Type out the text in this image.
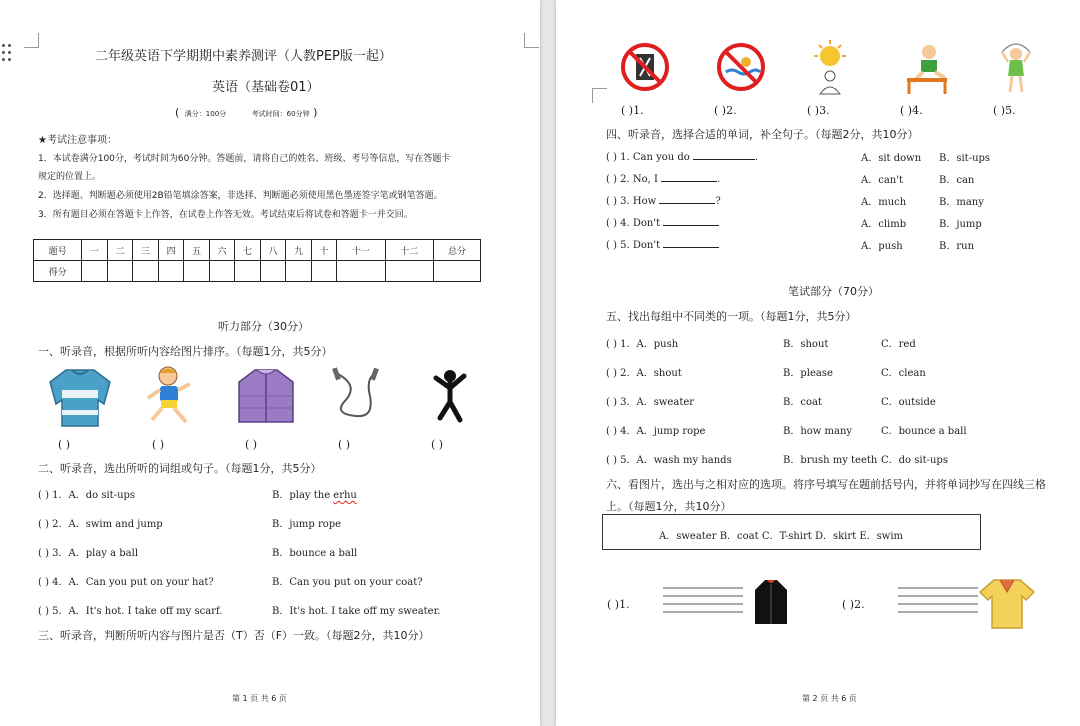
二年级英语下学期期中素养测评（人教PEP版一起）
英语（基础卷01）
( 满分：100分	考试时间：60分钟 )
★考试注意事项：
1．本试卷满分100分，考试时间为60分钟。答题前，请将自己的姓名、班级、考号等信息，写在答题卡
规定的位置上。
2．选择题、判断题必须使用2B铅笔填涂答案，非选择、判断题必须使用黑色墨迹签字笔或钢笔答题。
3．所有题目必须在答题卡上作答，在试卷上作答无效。考试结束后将试卷和答题卡一并交回。
题号	一	二	三	四	五	六	七	八	九	十	十一	十二	总分
得分													
听力部分（30分）
一、听录音，根据所听内容给图片排序。（每题1分，共5分）
( )	( )	( )	( )	( )
二、听录音，选出所听的词组或句子。（每题1分，共5分）
( ) 1．A．do sit-ups	B．play the erhu
( ) 2．A．swim and jump	B．jump rope
( ) 3．A．play a ball	B．bounce a ball
( ) 4．A．Can you put on your hat?	B．Can you put on your coat?
( ) 5．A．It's hot. I take off my scarf.	B．It's hot. I take off my sweater.
三、听录音，判断所听内容与图片是否（T）否（F）一致。（每题2分，共10分）
第 1 页 共 6 页
( )1.	( )2.	( )3.	( )4.	( )5.
四、听录音，选择合适的单词，补全句子。（每题2分，共10分）
( ) 1. Can you do	.	A．sit down B．sit-ups
( ) 2. No, I	.	A．can't	B．can
( ) 3. How	?	A．much	B．many
( ) 4. Don't	A．climb	B．jump
( ) 5. Don't	A．push	B．run
笔试部分（70分）
五、找出每组中不同类的一项。（每题1分，共5分）
( ) 1．A．push	B．shout	C．red
( ) 2．A．shout	B．please	C．clean
( ) 3．A．sweater	B．coat	C．outside
( ) 4．A．jump rope	B．how many	C．bounce a ball
( ) 5．A．wash my hands	B．brush my teeth C．do sit-ups
六、看图片，选出与之相对应的选项。将序号填写在题前括号内，并将单词抄写在四线三格
上。（每题1分，共10分）
A．sweater B．coat C．T-shirt D．skirt E．swim
( )1.	( )2.
第 2 页 共 6 页
